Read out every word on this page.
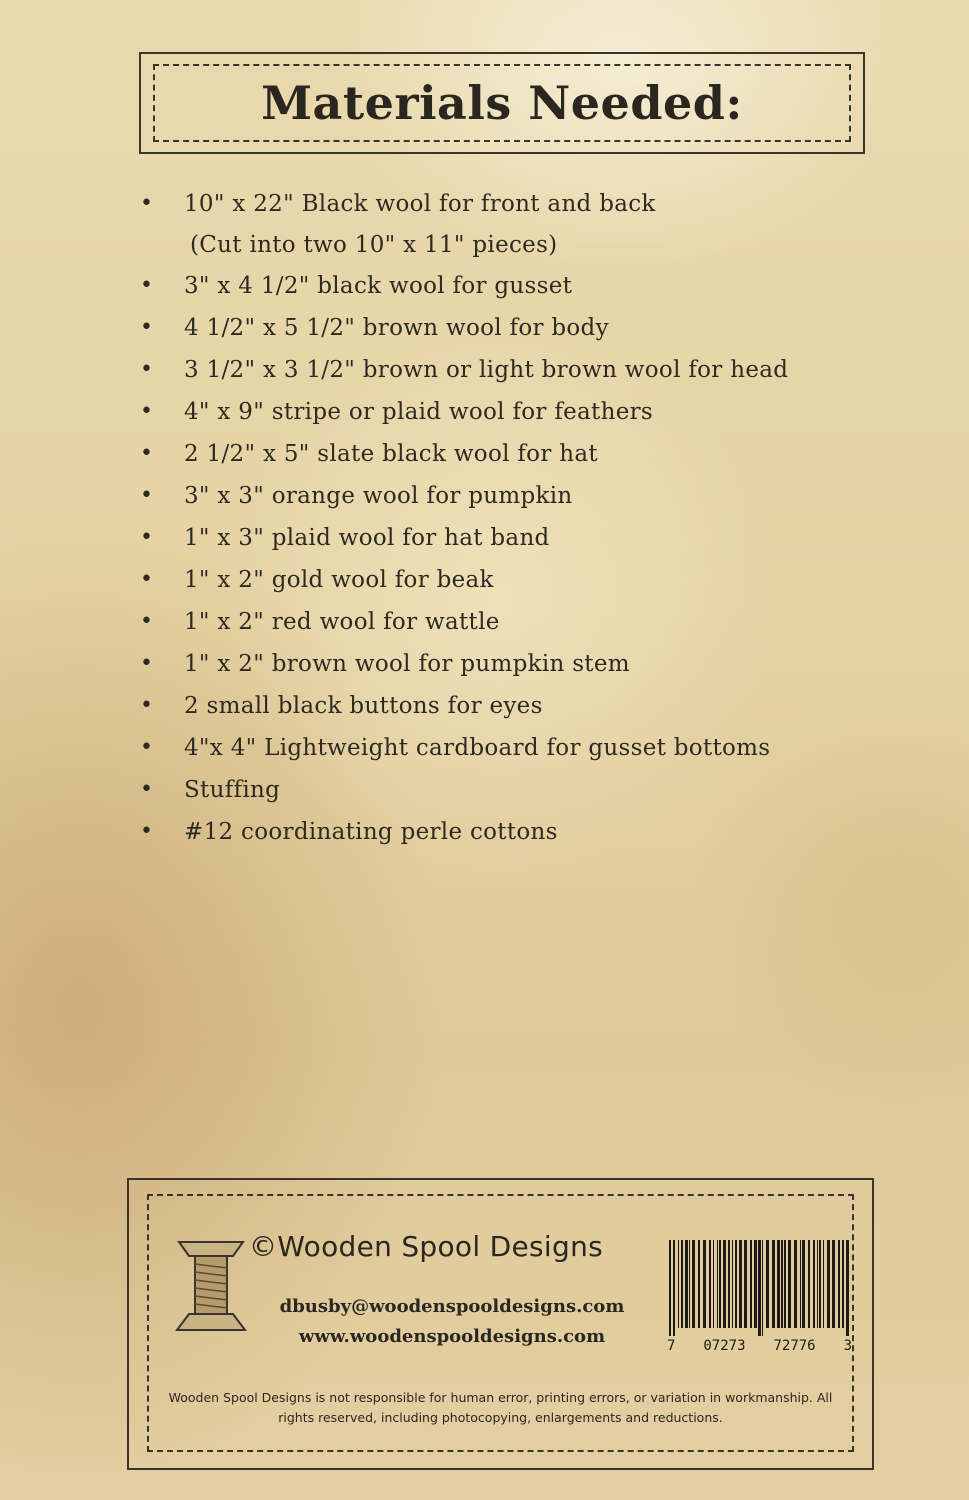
Materials Needed:
• 10" x 22" Black wool for front and back
(Cut into two 10" x 11" pieces)
• 3" x 4 1/2" black wool for gusset
• 4 1/2" x 5 1/2" brown wool for body
• 3 1/2" x 3 1/2" brown or light brown wool for head
• 4" x 9" stripe or plaid wool for feathers
• 2 1/2" x 5" slate black wool for hat
• 3" x 3" orange wool for pumpkin
• 1" x 3" plaid wool for hat band
• 1" x 2" gold wool for beak
• 1" x 2" red wool for wattle
• 1" x 2" brown wool for pumpkin stem
• 2 small black buttons for eyes
• 4"x 4" Lightweight cardboard for gusset bottoms
• Stuffing
• #12 coordinating perle cottons
©Wooden Spool Designs
dbusby@woodenspooldesigns.com
www.woodenspooldesigns.com	7 07273 72776 3

Wooden Spool Designs is not responsible for human error, printing errors, or variation in workmanship. All rights reserved, including photocopying, enlargements and reductions.
